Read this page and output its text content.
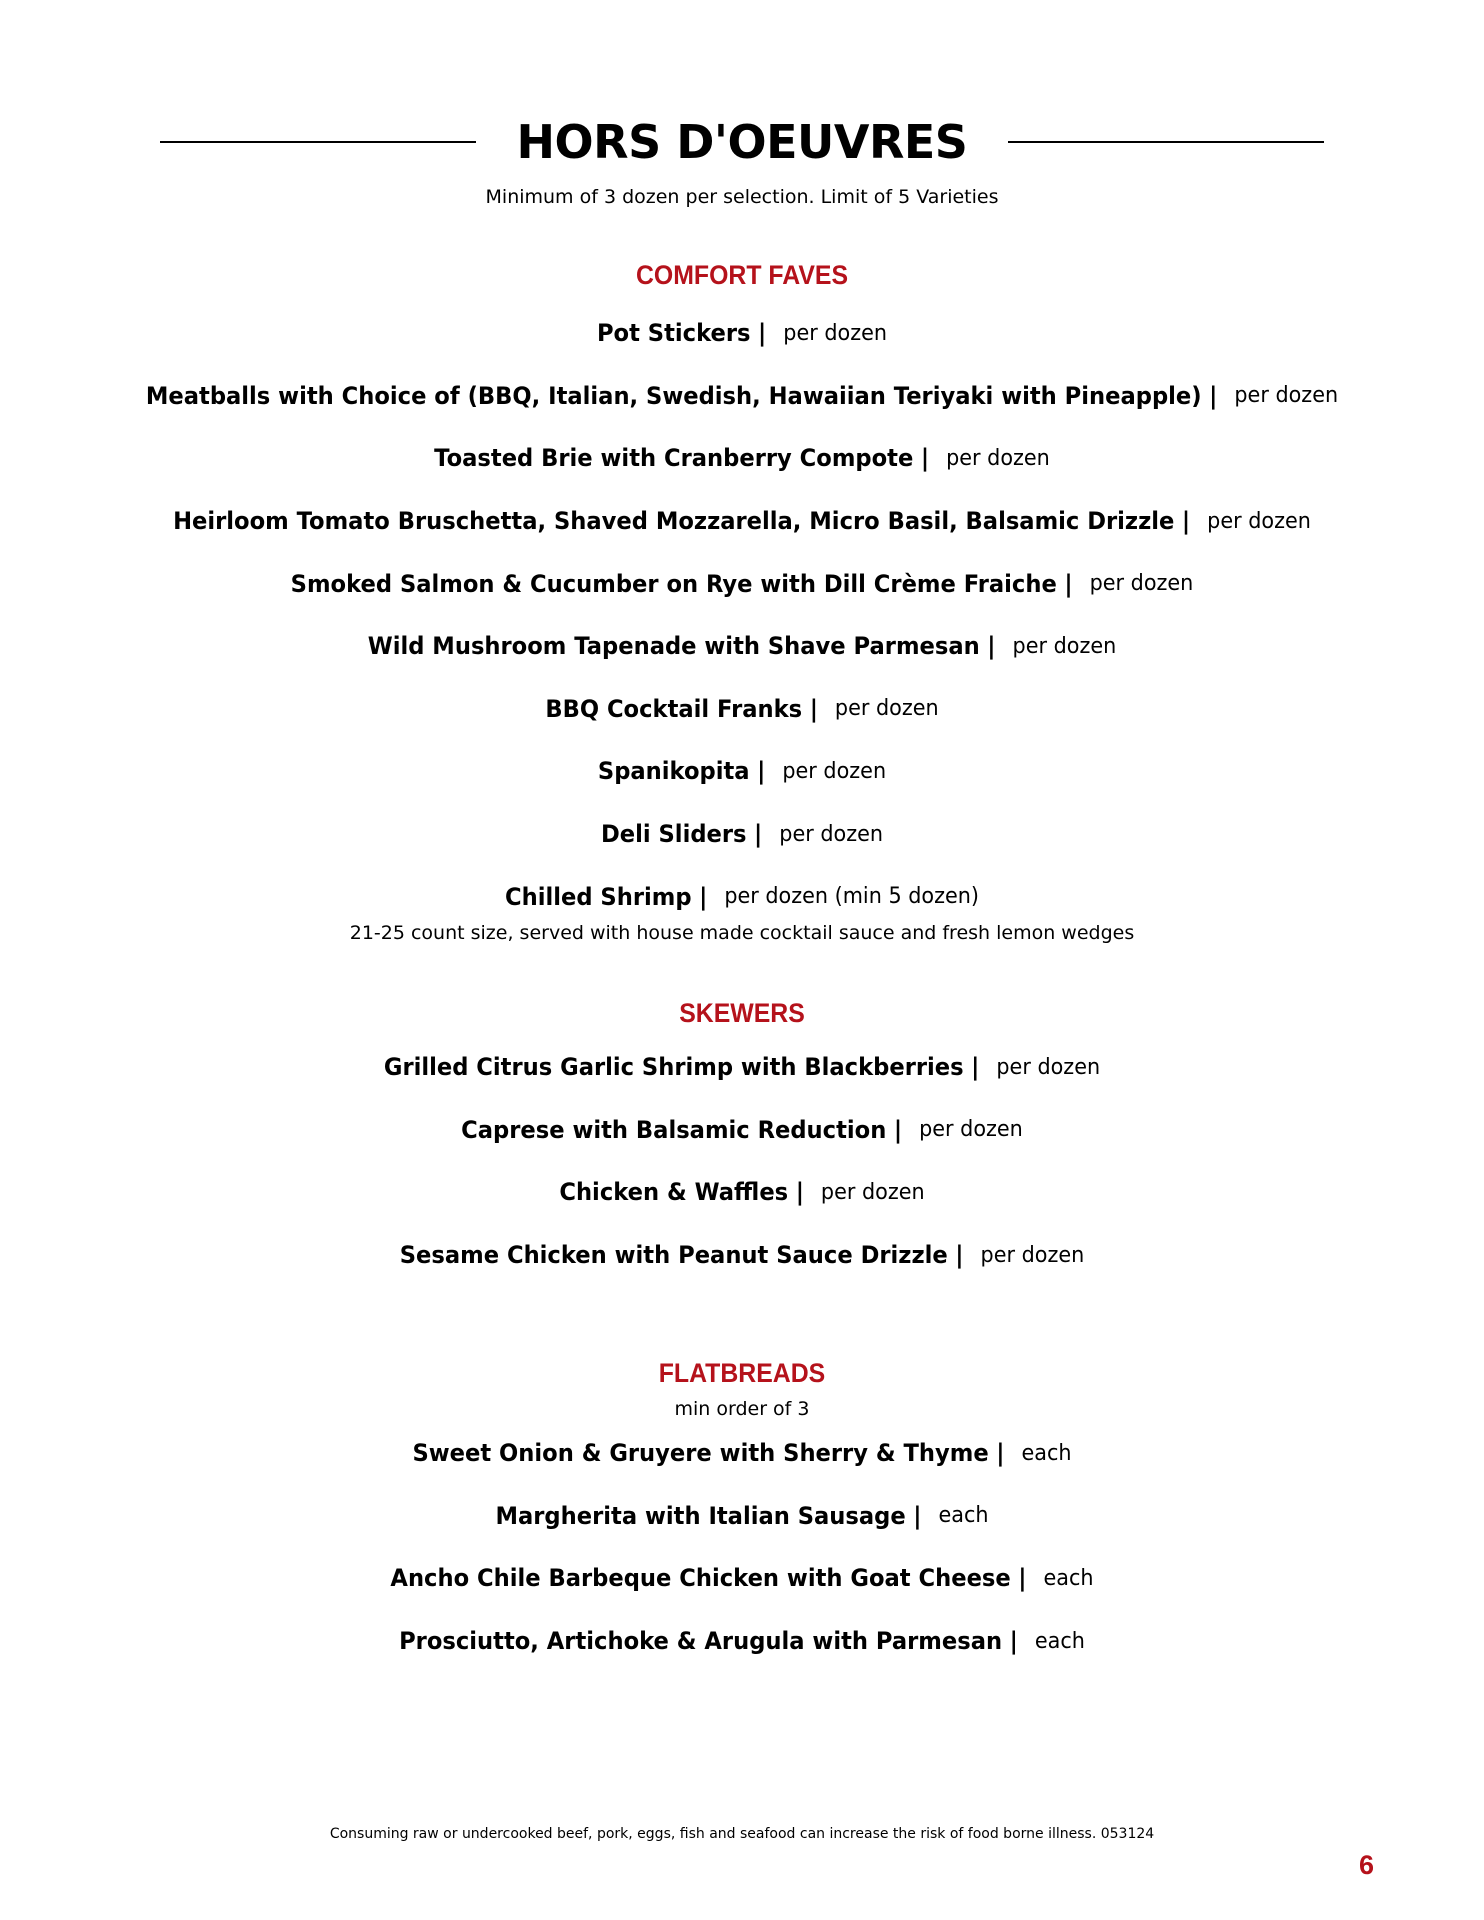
HORS D'OEUVRES
Minimum of 3 dozen per selection. Limit of 5 Varieties
COMFORT FAVES
Pot Stickers | per dozen
Meatballs with Choice of (BBQ, Italian, Swedish, Hawaiian Teriyaki with Pineapple) | per dozen
Toasted Brie with Cranberry Compote | per dozen
Heirloom Tomato Bruschetta, Shaved Mozzarella, Micro Basil, Balsamic Drizzle | per dozen
Smoked Salmon & Cucumber on Rye with Dill Crème Fraiche | per dozen
Wild Mushroom Tapenade with Shave Parmesan | per dozen
BBQ Cocktail Franks | per dozen
Spanikopita | per dozen
Deli Sliders | per dozen
Chilled Shrimp | per dozen (min 5 dozen)
21-25 count size, served with house made cocktail sauce and fresh lemon wedges
SKEWERS
Grilled Citrus Garlic Shrimp with Blackberries | per dozen
Caprese with Balsamic Reduction | per dozen
Chicken & Waffles | per dozen
Sesame Chicken with Peanut Sauce Drizzle | per dozen
FLATBREADS
min order of 3
Sweet Onion & Gruyere with Sherry & Thyme | each
Margherita with Italian Sausage | each
Ancho Chile Barbeque Chicken with Goat Cheese | each
Prosciutto, Artichoke & Arugula with Parmesan | each
Consuming raw or undercooked beef, pork, eggs, fish and seafood can increase the risk of food borne illness. 053124
6
